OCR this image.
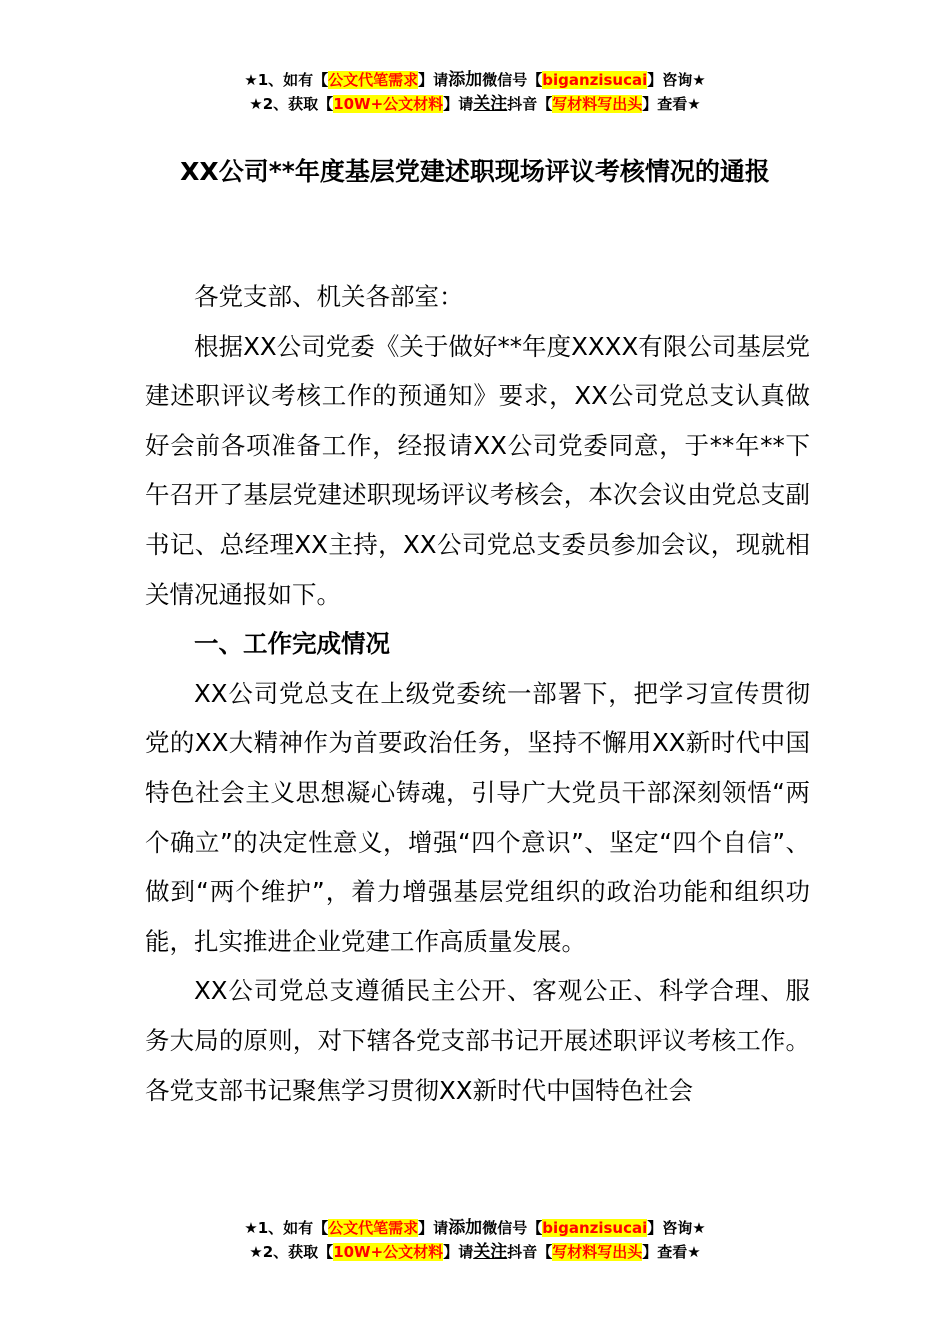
★1、如有【公文代笔需求】请添加微信号【biganzisucai】咨询★
★2、获取【10W+公文材料】请关注抖音【写材料写出头】查看★
XX公司**年度基层党建述职现场评议考核情况的通报

各党支部、机关各部室：

根据XX公司党委《关于做好**年度XXXX有限公司基层党建述职评议考核工作的预通知》要求，XX公司党总支认真做好会前各项准备工作，经报请XX公司党委同意，于**年**下午召开了基层党建述职现场评议考核会，本次会议由党总支副书记、总经理XX主持，XX公司党总支委员参加会议，现就相关情况通报如下。

一、工作完成情况

XX公司党总支在上级党委统一部署下，把学习宣传贯彻党的XX大精神作为首要政治任务，坚持不懈用XX新时代中国特色社会主义思想凝心铸魂，引导广大党员干部深刻领悟“两个确立”的决定性意义，增强“四个意识”、坚定“四个自信”、做到“两个维护”，着力增强基层党组织的政治功能和组织功能，扎实推进企业党建工作高质量发展。

XX公司党总支遵循民主公开、客观公正、科学合理、服务大局的原则，对下辖各党支部书记开展述职评议考核工作。各党支部书记聚焦学习贯彻XX新时代中国特色社会

★1、如有【公文代笔需求】请添加微信号【biganzisucai】咨询★
★2、获取【10W+公文材料】请关注抖音【写材料写出头】查看★
